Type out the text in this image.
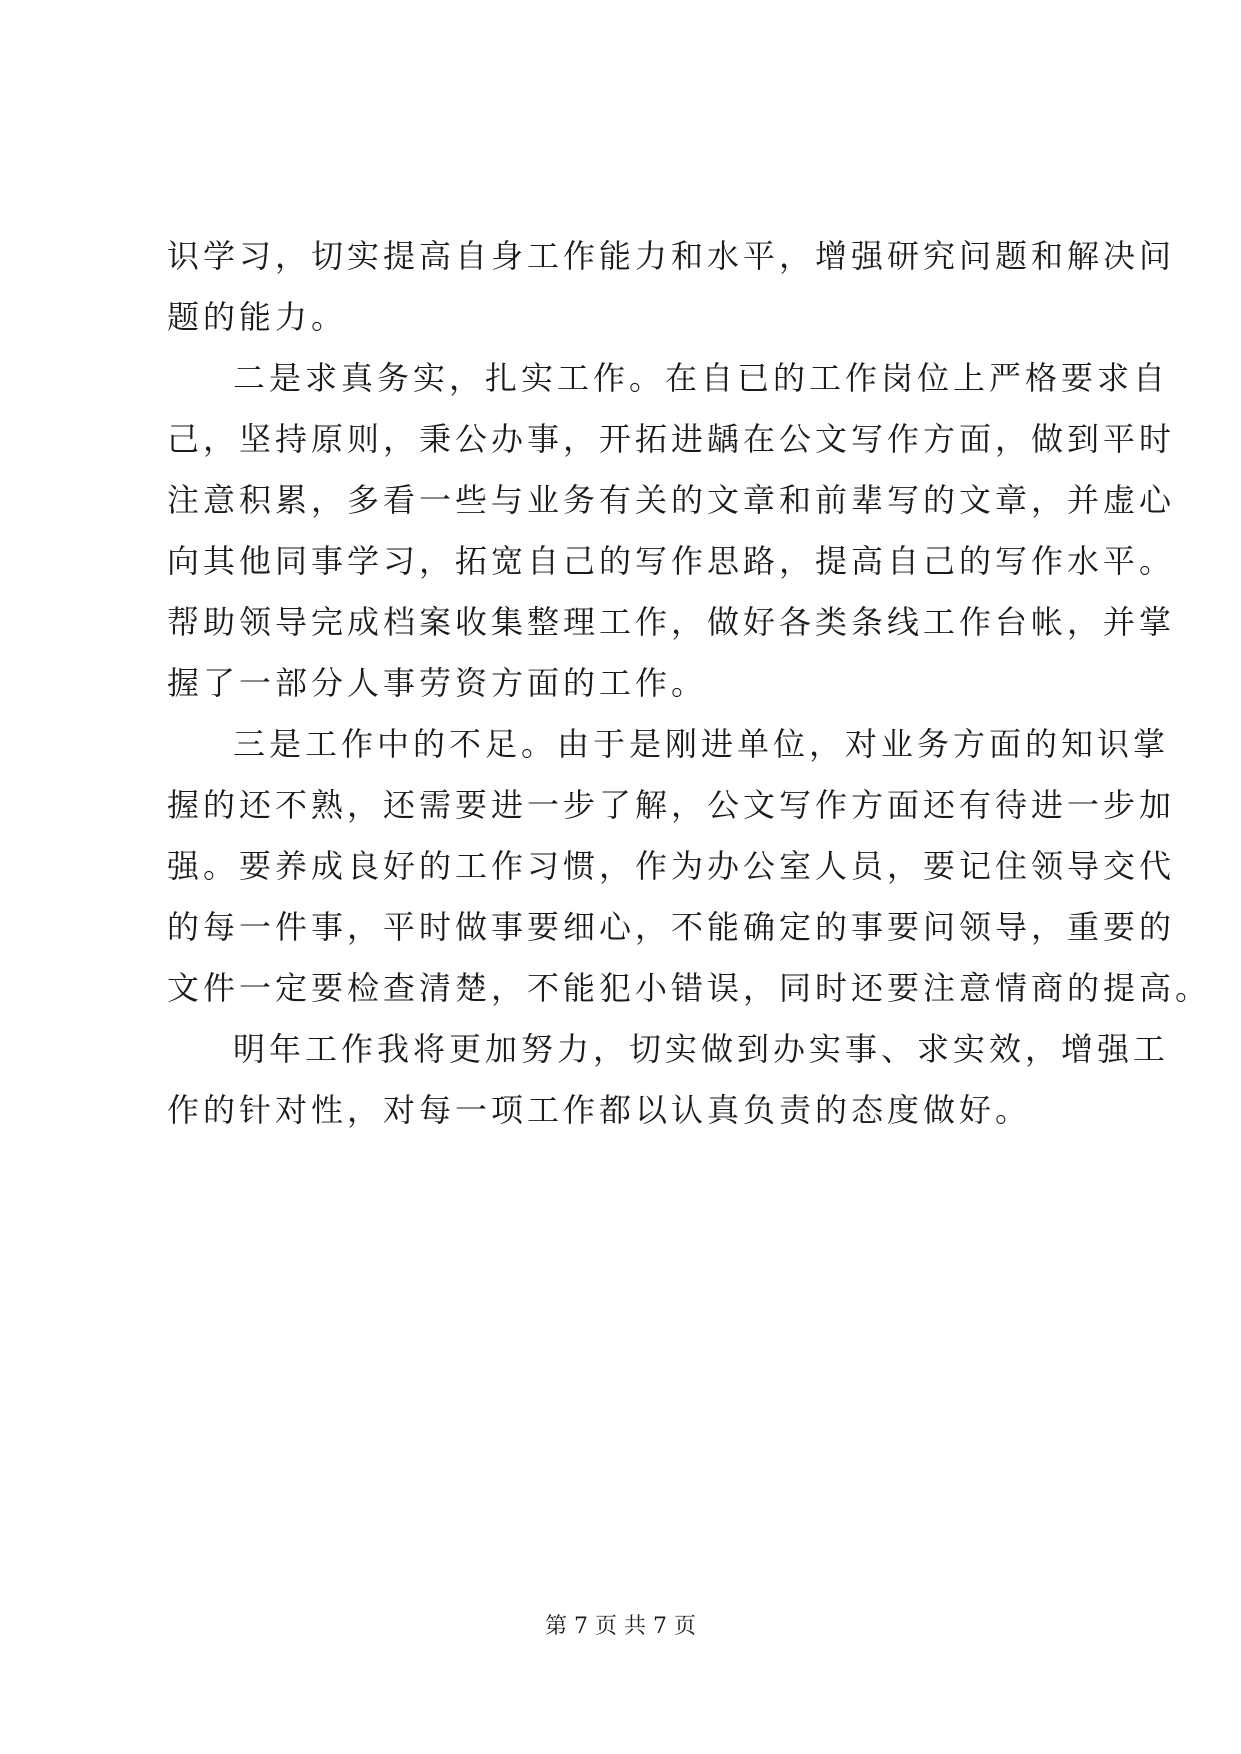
识学习，切实提高自身工作能力和水平，增强研究问题和解决问
题的能力。
二是求真务实，扎实工作。在自已的工作岗位上严格要求自
己，坚持原则，秉公办事，开拓进龋在公文写作方面，做到平时
注意积累，多看一些与业务有关的文章和前辈写的文章，并虚心
向其他同事学习，拓宽自己的写作思路，提高自己的写作水平。
帮助领导完成档案收集整理工作，做好各类条线工作台帐，并掌
握了一部分人事劳资方面的工作。
三是工作中的不足。由于是刚进单位，对业务方面的知识掌
握的还不熟，还需要进一步了解，公文写作方面还有待进一步加
强。要养成良好的工作习惯，作为办公室人员，要记住领导交代
的每一件事，平时做事要细心，不能确定的事要问领导，重要的
文件一定要检查清楚，不能犯小错误，同时还要注意情商的提高。
明年工作我将更加努力，切实做到办实事、求实效，增强工
作的针对性，对每一项工作都以认真负责的态度做好。
第 7 页 共 7 页
